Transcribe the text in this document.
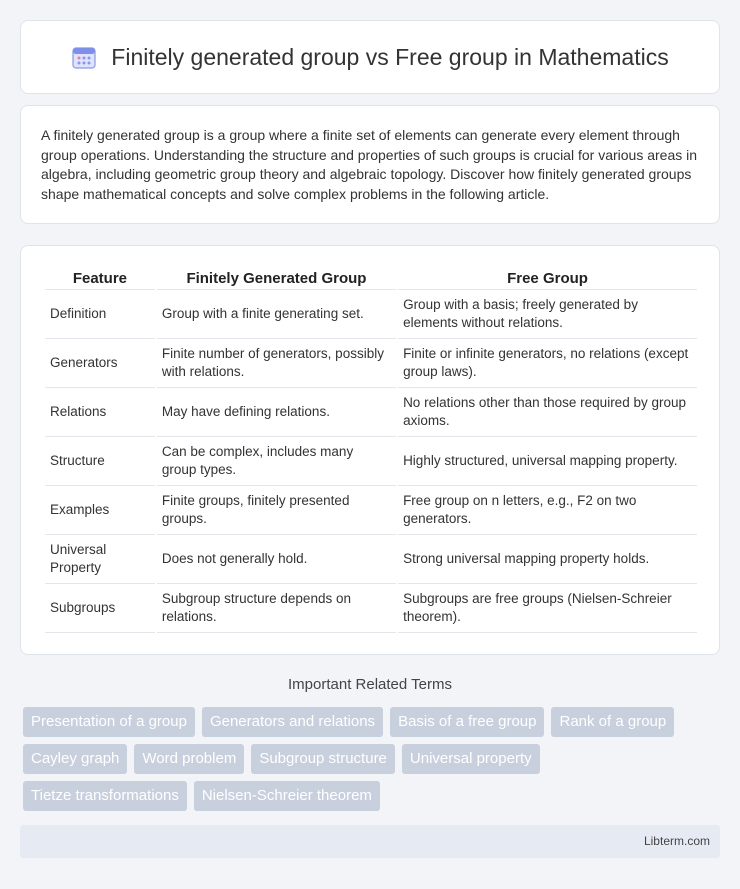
Finitely generated group vs Free group in Mathematics

A finitely generated group is a group where a finite set of elements can generate every element through group operations. Understanding the structure and properties of such groups is crucial for various areas in algebra, including geometric group theory and algebraic topology. Discover how finitely generated groups shape mathematical concepts and solve complex problems in the following article.

Feature	Finitely Generated Group	Free Group
Definition	Group with a finite generating set.	Group with a basis; freely generated by elements without relations.
Generators	Finite number of generators, possibly with relations.	Finite or infinite generators, no relations (except group laws).
Relations	May have defining relations.	No relations other than those required by group axioms.
Structure	Can be complex, includes many group types.	Highly structured, universal mapping property.
Examples	Finite groups, finitely presented groups.	Free group on n letters, e.g., F2 on two generators.
Universal Property	Does not generally hold.	Strong universal mapping property holds.
Subgroups	Subgroup structure depends on relations.	Subgroups are free groups (Nielsen-Schreier theorem).
Important Related Terms
Presentation of a group	Generators and relations	Basis of a free group	Rank of a group
Cayley graph	Word problem	Subgroup structure	Universal property
Tietze transformations	Nielsen-Schreier theorem
Libterm.com
